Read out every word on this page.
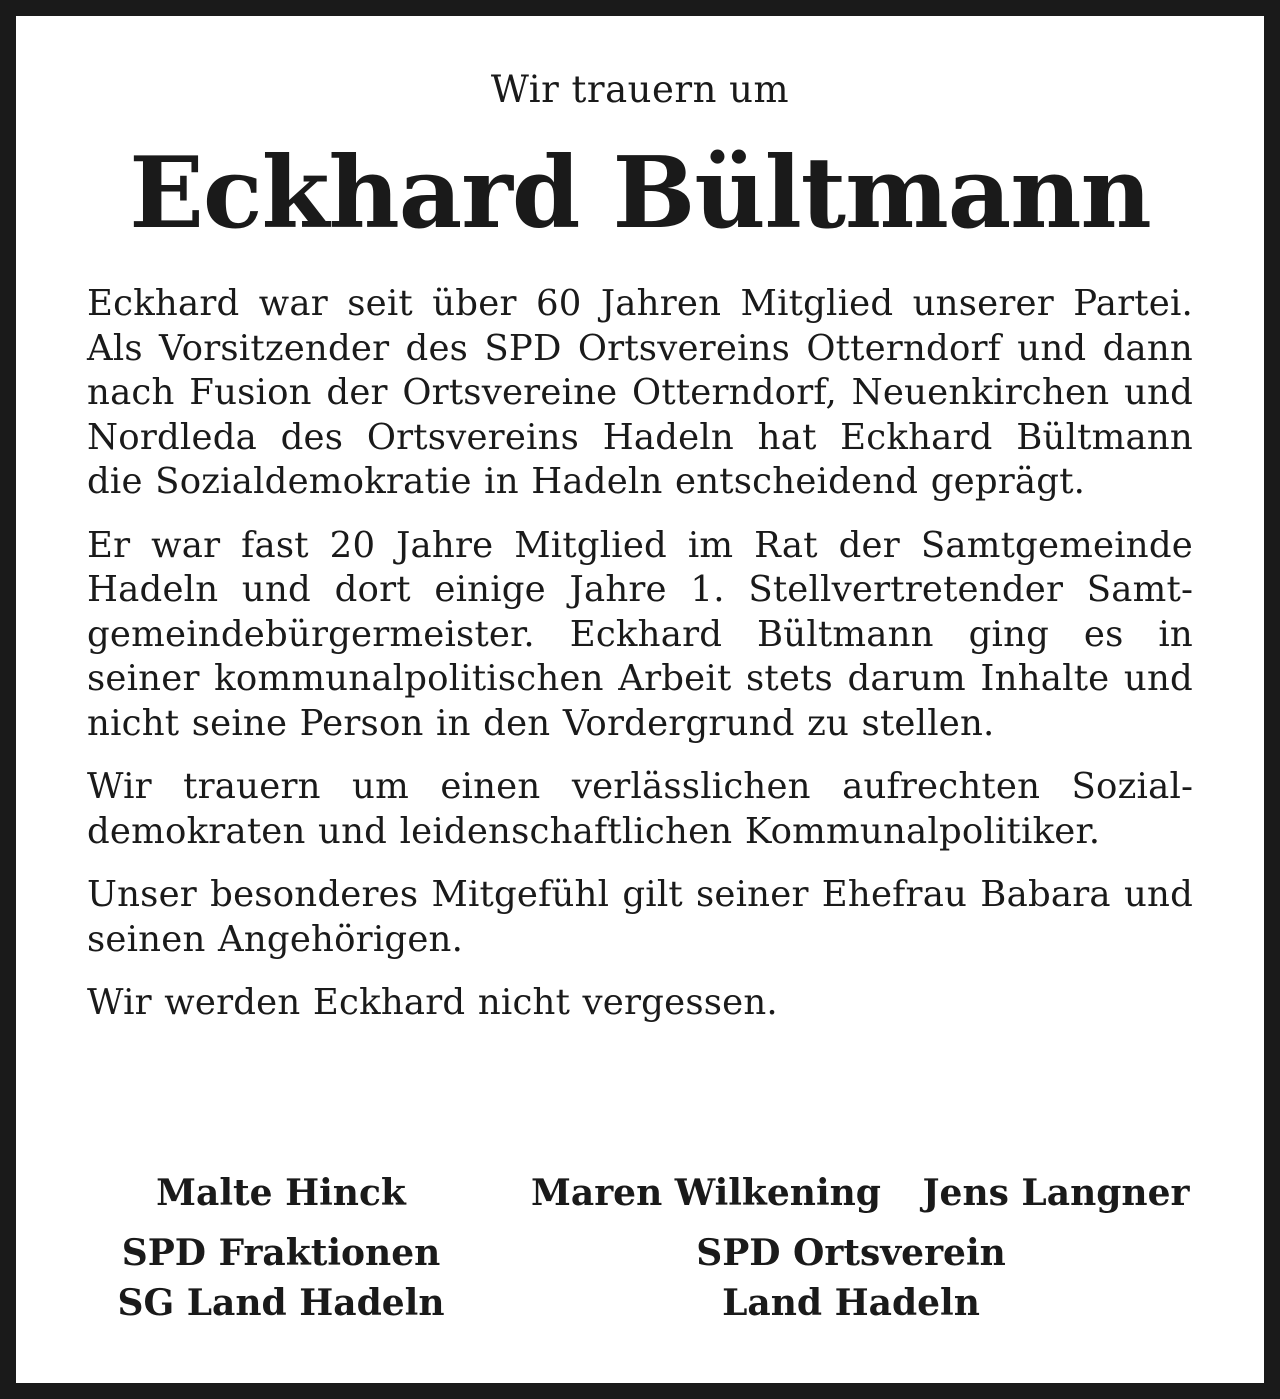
Wir trauern um
Eckhard Bültmann

Eckhard war seit über 60 Jahren Mitglied unserer Partei. Als Vorsitzender des SPD Ortsvereins Otterndorf und dann nach Fusion der Ortsvereine Otterndorf, Neuenkirchen und Nordleda des Ortsvereins Hadeln hat Eckhard Bültmann die Sozialdemokratie in Hadeln entscheidend geprägt.

Er war fast 20 Jahre Mitglied im Rat der Samtgemeinde Hadeln und dort einige Jahre 1. Stellvertretender Samtgemeindebürgermeister. Eckhard Bültmann ging es in seiner kommunalpolitischen Arbeit stets darum Inhalte und nicht seine Person in den Vordergrund zu stellen.

Wir trauern um einen verlässlichen aufrechten Sozialdemokraten und leidenschaftlichen Kommunalpolitiker.

Unser besonderes Mitgefühl gilt seiner Ehefrau Babara und seinen Angehörigen.

Wir werden Eckhard nicht vergessen.

Malte Hinck	Maren Wilkening	Jens Langner
SPD Fraktionen
SG Land Hadeln
SPD Ortsverein
Land Hadeln
